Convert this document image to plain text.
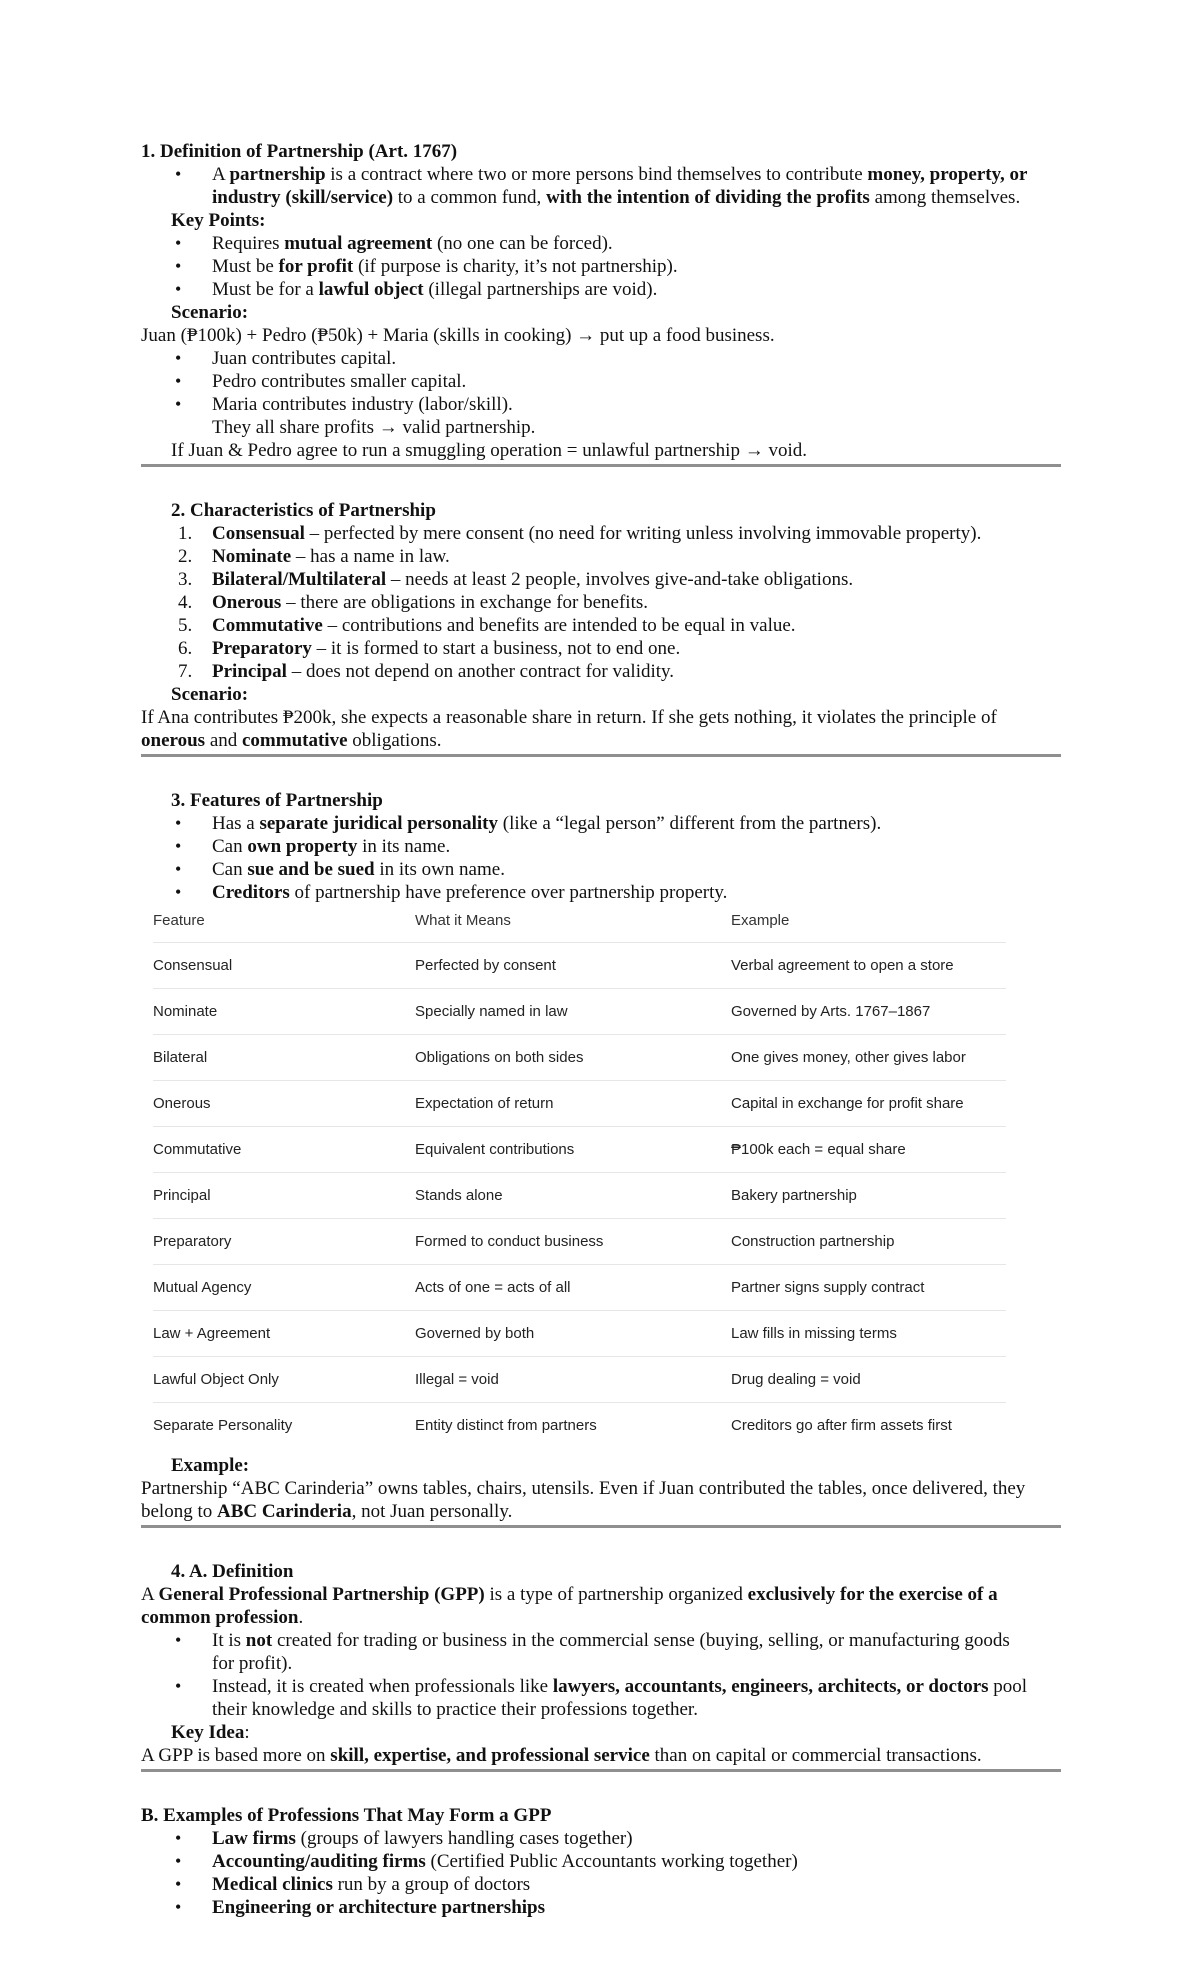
1. Definition of Partnership (Art. 1767)
• A partnership is a contract where two or more persons bind themselves to contribute money, property, or
industry (skill/service) to a common fund, with the intention of dividing the profits among themselves.
Key Points:
• Requires mutual agreement (no one can be forced).
• Must be for profit (if purpose is charity, it’s not partnership).
• Must be for a lawful object (illegal partnerships are void).
Scenario:
Juan (₱100k) + Pedro (₱50k) + Maria (skills in cooking) → put up a food business.
• Juan contributes capital.
• Pedro contributes smaller capital.
• Maria contributes industry (labor/skill).
They all share profits → valid partnership.
If Juan & Pedro agree to run a smuggling operation = unlawful partnership → void.
2. Characteristics of Partnership
1. Consensual – perfected by mere consent (no need for writing unless involving immovable property).
2. Nominate – has a name in law.
3. Bilateral/Multilateral – needs at least 2 people, involves give-and-take obligations.
4. Onerous – there are obligations in exchange for benefits.
5. Commutative – contributions and benefits are intended to be equal in value.
6. Preparatory – it is formed to start a business, not to end one.
7. Principal – does not depend on another contract for validity.
Scenario:
If Ana contributes ₱200k, she expects a reasonable share in return. If she gets nothing, it violates the principle of
onerous and commutative obligations.
3. Features of Partnership
• Has a separate juridical personality (like a “legal person” different from the partners).
• Can own property in its name.
• Can sue and be sued in its own name.
• Creditors of partnership have preference over partnership property.
Feature	What it Means	Example
Consensual	Perfected by consent	Verbal agreement to open a store
Nominate	Specially named in law	Governed by Arts. 1767–1867
Bilateral	Obligations on both sides	One gives money, other gives labor
Onerous	Expectation of return	Capital in exchange for profit share
Commutative	Equivalent contributions	₱100k each = equal share
Principal	Stands alone	Bakery partnership
Preparatory	Formed to conduct business	Construction partnership
Mutual Agency	Acts of one = acts of all	Partner signs supply contract
Law + Agreement	Governed by both	Law fills in missing terms
Lawful Object Only	Illegal = void	Drug dealing = void
Separate Personality	Entity distinct from partners	Creditors go after firm assets first
Example:
Partnership “ABC Carinderia” owns tables, chairs, utensils. Even if Juan contributed the tables, once delivered, they
belong to ABC Carinderia, not Juan personally.
4. A. Definition
A General Professional Partnership (GPP) is a type of partnership organized exclusively for the exercise of a
common profession.
• It is not created for trading or business in the commercial sense (buying, selling, or manufacturing goods
for profit).
• Instead, it is created when professionals like lawyers, accountants, engineers, architects, or doctors pool
their knowledge and skills to practice their professions together.
Key Idea:
A GPP is based more on skill, expertise, and professional service than on capital or commercial transactions.
B. Examples of Professions That May Form a GPP
• Law firms (groups of lawyers handling cases together)
• Accounting/auditing firms (Certified Public Accountants working together)
• Medical clinics run by a group of doctors
• Engineering or architecture partnerships
